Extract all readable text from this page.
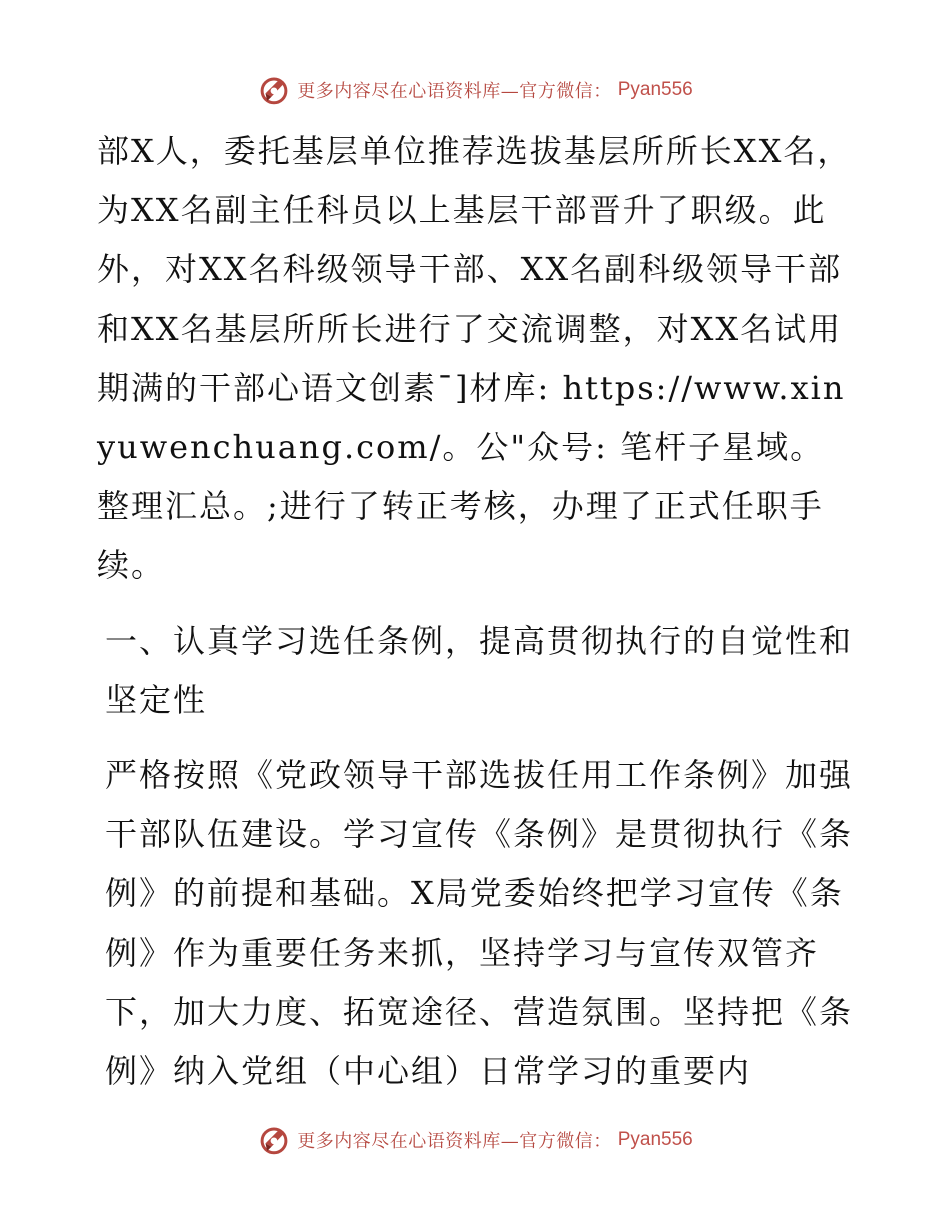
更多内容尽在心语资料库—官方微信： Pyan556

部X人，委托基层单位推荐选拔基层所所长XX名，为XX名副主任科员以上基层干部晋升了职级。此外，对XX名科级领导干部、XX名副科级领导干部和XX名基层所所长进行了交流调整，对XX名试用期满的干部心语文创素¯]材库: https://www.xinyuwenchuang.com/。公"众号: 笔杆子星域。整理汇总。;进行了转正考核，办理了正式任职手续。

一、认真学习选任条例，提高贯彻执行的自觉性和坚定性

严格按照《党政领导干部选拔任用工作条例》加强干部队伍建设。学习宣传《条例》是贯彻执行《条例》的前提和基础。X局党委始终把学习宣传《条例》作为重要任务来抓，坚持学习与宣传双管齐下，加大力度、拓宽途径、营造氛围。坚持把《条例》纳入党组（中心组）日常学习的重要内

更多内容尽在心语资料库—官方微信： Pyan556
